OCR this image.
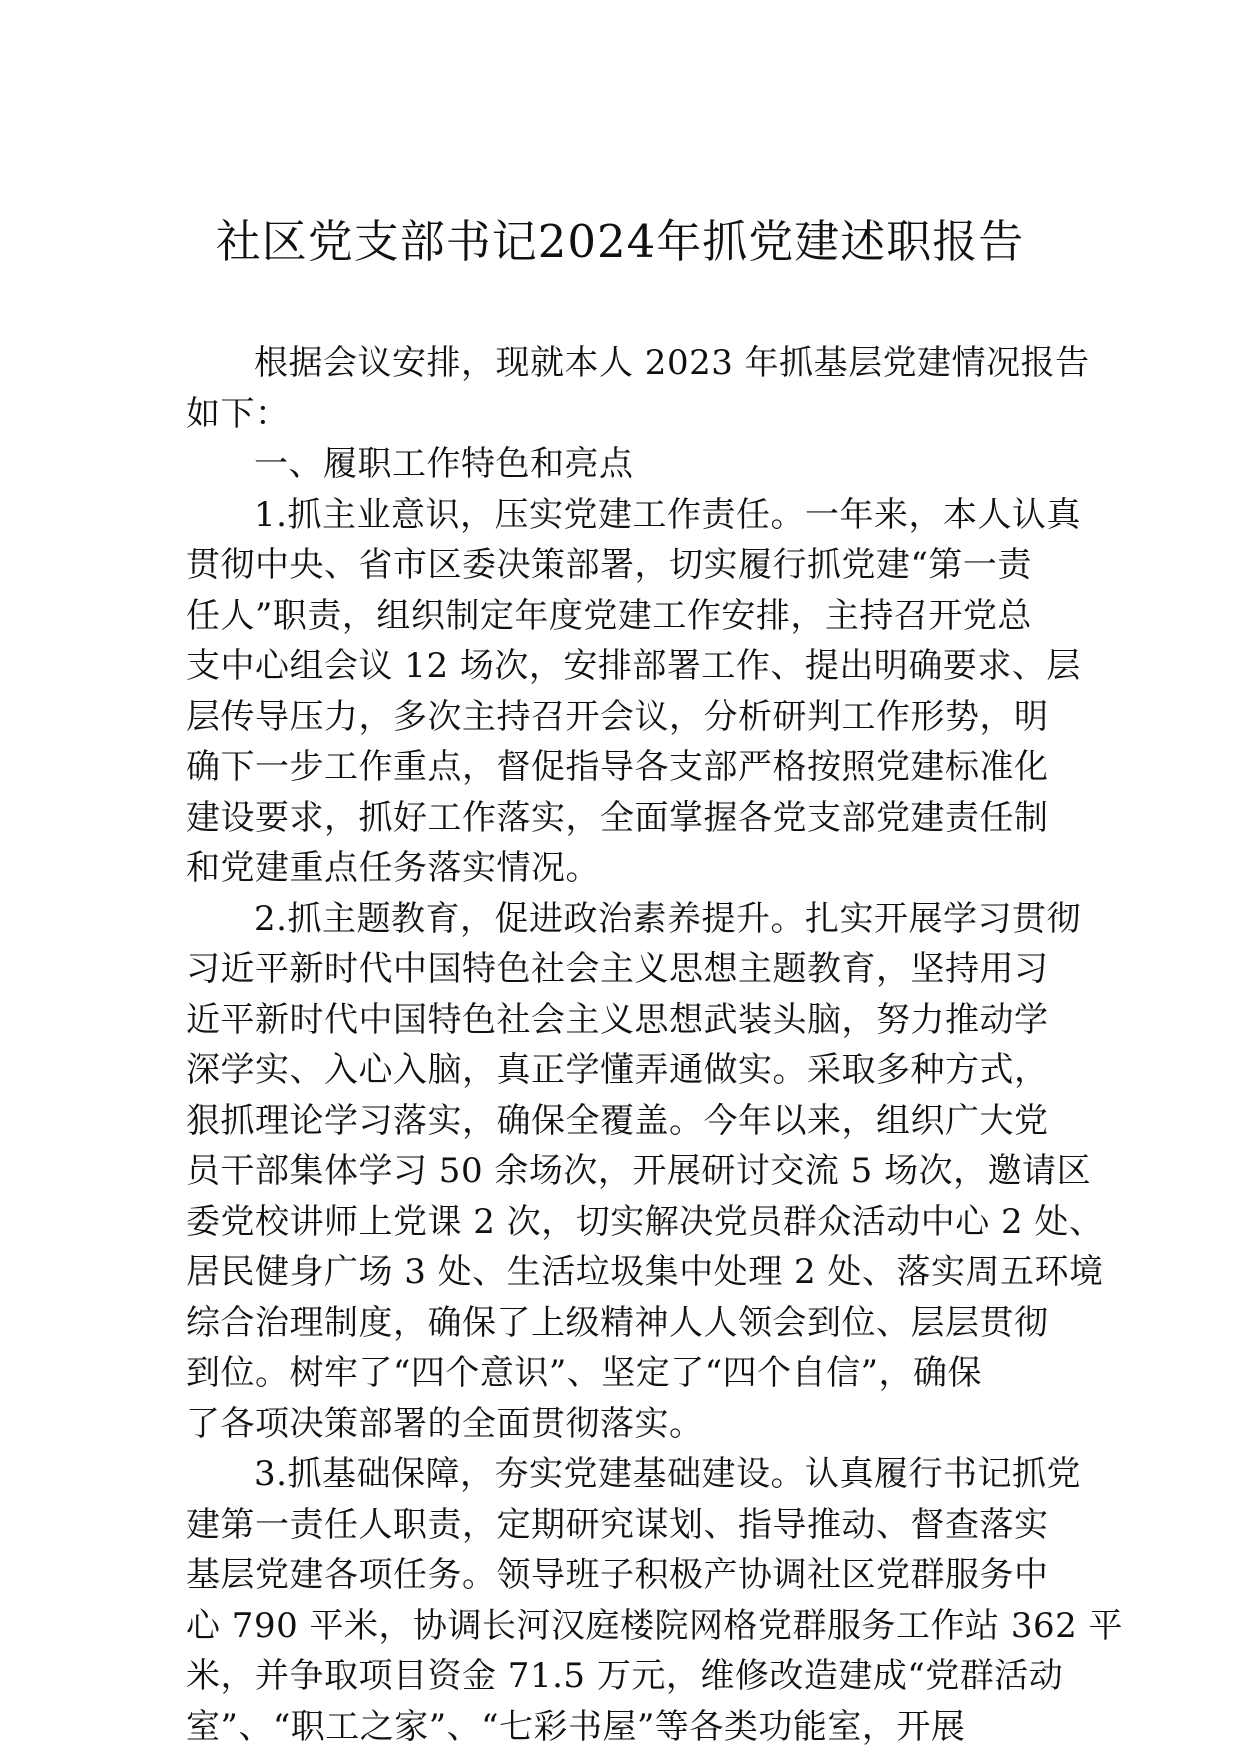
社区党支部书记2024年抓党建述职报告
根据会议安排，现就本人 2023 年抓基层党建情况报告
如下：
一、履职工作特色和亮点
1.抓主业意识，压实党建工作责任。一年来，本人认真
贯彻中央、省市区委决策部署，切实履行抓党建“第一责
任人”职责，组织制定年度党建工作安排，主持召开党总
支中心组会议 12 场次，安排部署工作、提出明确要求、层
层传导压力，多次主持召开会议，分析研判工作形势，明
确下一步工作重点，督促指导各支部严格按照党建标准化
建设要求，抓好工作落实，全面掌握各党支部党建责任制
和党建重点任务落实情况。
2.抓主题教育，促进政治素养提升。扎实开展学习贯彻
习近平新时代中国特色社会主义思想主题教育，坚持用习
近平新时代中国特色社会主义思想武装头脑，努力推动学
深学实、入心入脑，真正学懂弄通做实。采取多种方式，
狠抓理论学习落实，确保全覆盖。今年以来，组织广大党
员干部集体学习 50 余场次，开展研讨交流 5 场次，邀请区
委党校讲师上党课 2 次，切实解决党员群众活动中心 2 处、
居民健身广场 3 处、生活垃圾集中处理 2 处、落实周五环境
综合治理制度，确保了上级精神人人领会到位、层层贯彻
到位。树牢了“四个意识”、坚定了“四个自信”，确保
了各项决策部署的全面贯彻落实。
3.抓基础保障，夯实党建基础建设。认真履行书记抓党
建第一责任人职责，定期研究谋划、指导推动、督查落实
基层党建各项任务。领导班子积极产协调社区党群服务中
心 790 平米，协调长河汉庭楼院网格党群服务工作站 362 平
米，并争取项目资金 71.5 万元，维修改造建成“党群活动
室”、“职工之家”、“七彩书屋”等各类功能室，开展
